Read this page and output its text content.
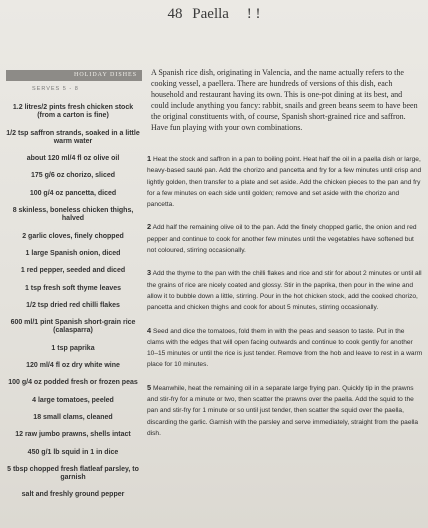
48 Paella ! !
HOLIDAY DISHES
SERVES 5 - 8
1.2 litres/2 pints fresh chicken stock (from a carton is fine)
1/2 tsp saffron strands, soaked in a little warm water
about 120 ml/4 fl oz olive oil
175 g/6 oz chorizo, sliced
100 g/4 oz pancetta, diced
8 skinless, boneless chicken thighs, halved
2 garlic cloves, finely chopped
1 large Spanish onion, diced
1 red pepper, seeded and diced
1 tsp fresh soft thyme leaves
1/2 tsp dried red chilli flakes
600 ml/1 pint Spanish short-grain rice (calasparra)
1 tsp paprika
120 ml/4 fl oz dry white wine
100 g/4 oz podded fresh or frozen peas
4 large tomatoes, peeled
18 small clams, cleaned
12 raw jumbo prawns, shells intact
450 g/1 lb squid in 1 in dice
5 tbsp chopped fresh flatleaf parsley, to garnish
salt and freshly ground pepper
A Spanish rice dish, originating in Valencia, and the name actually refers to the cooking vessel, a paellera. There are hundreds of versions of this dish, each household and restaurant having its own. This is one-pot dining at its best, and could include anything you fancy: rabbit, snails and green beans seem to have been the original constituents with, of course, Spanish short-grained rice and saffron. Have fun playing with your own combinations.
1 Heat the stock and saffron in a pan to boiling point. Heat half the oil in a paella dish or large, heavy-based sauté pan. Add the chorizo and pancetta and fry for a few minutes until crisp and lightly golden, then transfer to a plate and set aside. Add the chicken pieces to the pan and fry for a few minutes on each side until golden; remove and set aside with the chorizo and pancetta.
2 Add half the remaining olive oil to the pan. Add the finely chopped garlic, the onion and red pepper and continue to cook for another few minutes until the vegetables have softened but not coloured, stirring occasionally.
3 Add the thyme to the pan with the chilli flakes and rice and stir for about 2 minutes or until all the grains of rice are nicely coated and glossy. Stir in the paprika, then pour in the wine and allow it to bubble down a little, stirring. Pour in the hot chicken stock, add the cooked chorizo, pancetta and chicken thighs and cook for about 5 minutes, stirring occasionally.
4 Seed and dice the tomatoes, fold them in with the peas and season to taste. Put in the clams with the edges that will open facing outwards and continue to cook gently for another 10–15 minutes or until the rice is just tender. Remove from the hob and leave to rest in a warm place for 10 minutes.
5 Meanwhile, heat the remaining oil in a separate large frying pan. Quickly tip in the prawns and stir-fry for a minute or two, then scatter the prawns over the paella. Add the squid to the pan and stir-fry for 1 minute or so until just tender, then scatter the squid over the paella, discarding the garlic. Garnish with the parsley and serve immediately, straight from the paella dish.
